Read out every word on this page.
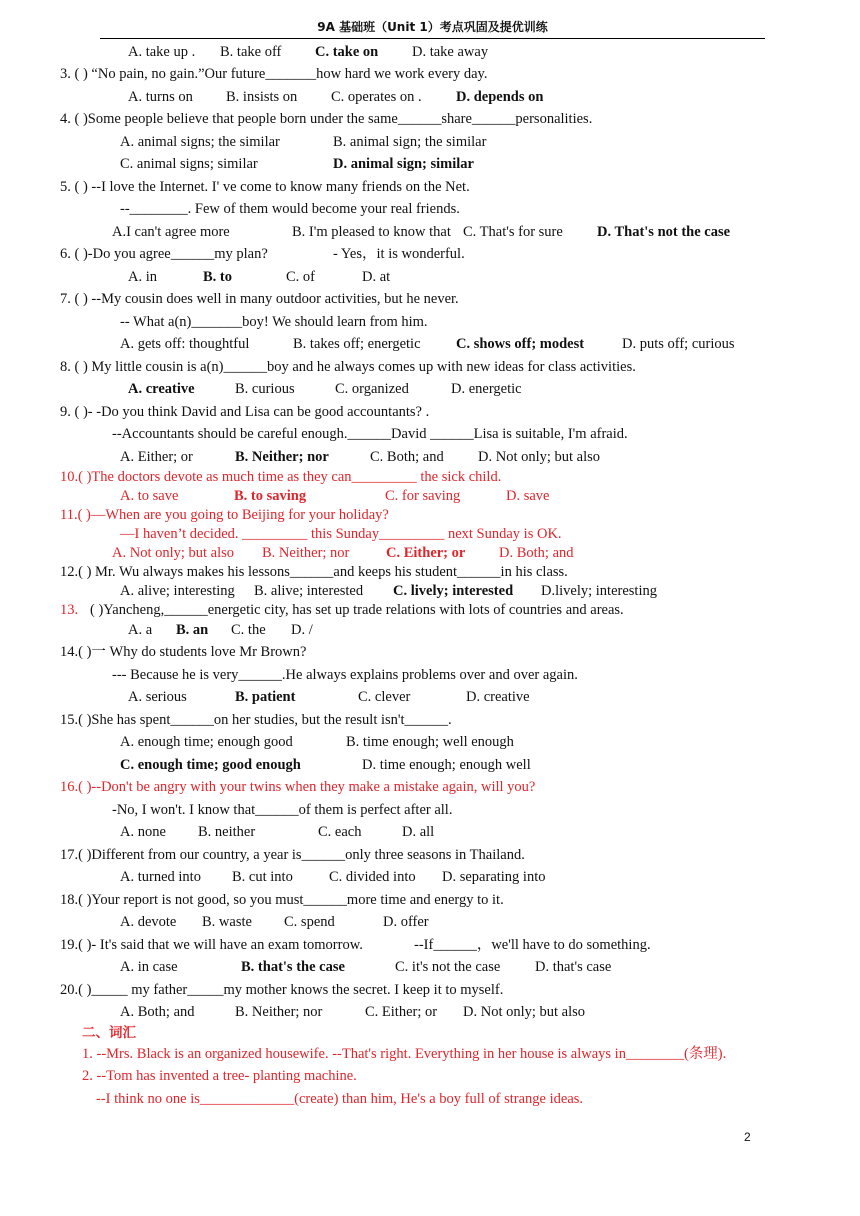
9A 基础班（Unit 1）考点巩固及提优训练
A. take up . B. take off C. take on D. take away
3. ( ) “No pain, no gain.”Our future_______how hard we work every day.
A. turns on B. insists on C. operates on . D. depends on
4. ( )Some people believe that people born under the same______share______personalities.
A. animal signs; the similar	B. animal sign; the similar
C. animal signs; similar	D. animal sign; similar
5. ( ) --I love the Internet. I' ve come to know many friends on the Net.
--________. Few of them would become your real friends.
A.I can't agree more	B. I'm pleased to know that C. That's for sure D. That's not the case
6. ( )-Do you agree______my plan?	- Yes，it is wonderful.
A. in	B. to	C. of	D. at
7. ( ) --My cousin does well in many outdoor activities, but he never.
-- What a(n)_______boy! We should learn from him.
A. gets off: thoughtful	B. takes off; energetic C. shows off; modest	D. puts off; curious
8. ( ) My little cousin is a(n)______boy and he always comes up with new ideas for class activities.
A. creative	B. curious	C. organized	D. energetic
9. ( )- -Do you think David and Lisa can be good accountants? .
--Accountants should be careful enough.______David ______Lisa is suitable, I'm afraid.
A. Either; or	B. Neither; nor	C. Both; and D. Not only; but also
10.( )The doctors devote as much time as they can_________ the sick child.
A. to save	B. to saving	C. for saving	D. save
11.( )—When are you going to Beijing for your holiday?
—I haven’t decided. _________ this Sunday_________ next Sunday is OK.
A. Not only; but also B. Neither; nor	C. Either; or D. Both; and
12.( ) Mr. Wu always makes his lessons______and keeps his student______in his class.
A. alive; interesting B. alive; interested C. lively; interested D.lively; interesting
13. ( )Yancheng,______energetic city, has set up trade relations with lots of countries and areas.
A. a B. an C. the D. /
14.( )一 Why do students love Mr Brown?
--- Because he is very______.He always explains problems over and over again.
A. serious	B. patient	C. clever	D. creative
15.( )She has spent______on her studies, but the result isn't______.
A. enough time; enough good	B. time enough; well enough
C. enough time; good enough	D. time enough; enough well
16.( )--Don't be angry with your twins when they make a mistake again, will you?
-No, I won't. I know that______of them is perfect after all.
A. none B. neither	C. each	D. all
17.( )Different from our country, a year is______only three seasons in Thailand.
A. turned into B. cut into C. divided into D. separating into
18.( )Your report is not good, so you must______more time and energy to it.
A. devote B. waste C. spend	D. offer
19.( )- It's said that we will have an exam tomorrow.	--If______，we'll have to do something.
A. in case	B. that's the case	C. it's not the case D. that's case
20.( )_____ my father_____my mother knows the secret. I keep it to myself.
A. Both; and	B. Neither; nor	C. Either; or D. Not only; but also
二、词汇
1. --Mrs. Black is an organized housewife. --That's right. Everything in her house is always in________(条理).
2. --Tom has invented a tree- planting machine.
--I think no one is_____________(create) than him, He's a boy full of strange ideas.
2
